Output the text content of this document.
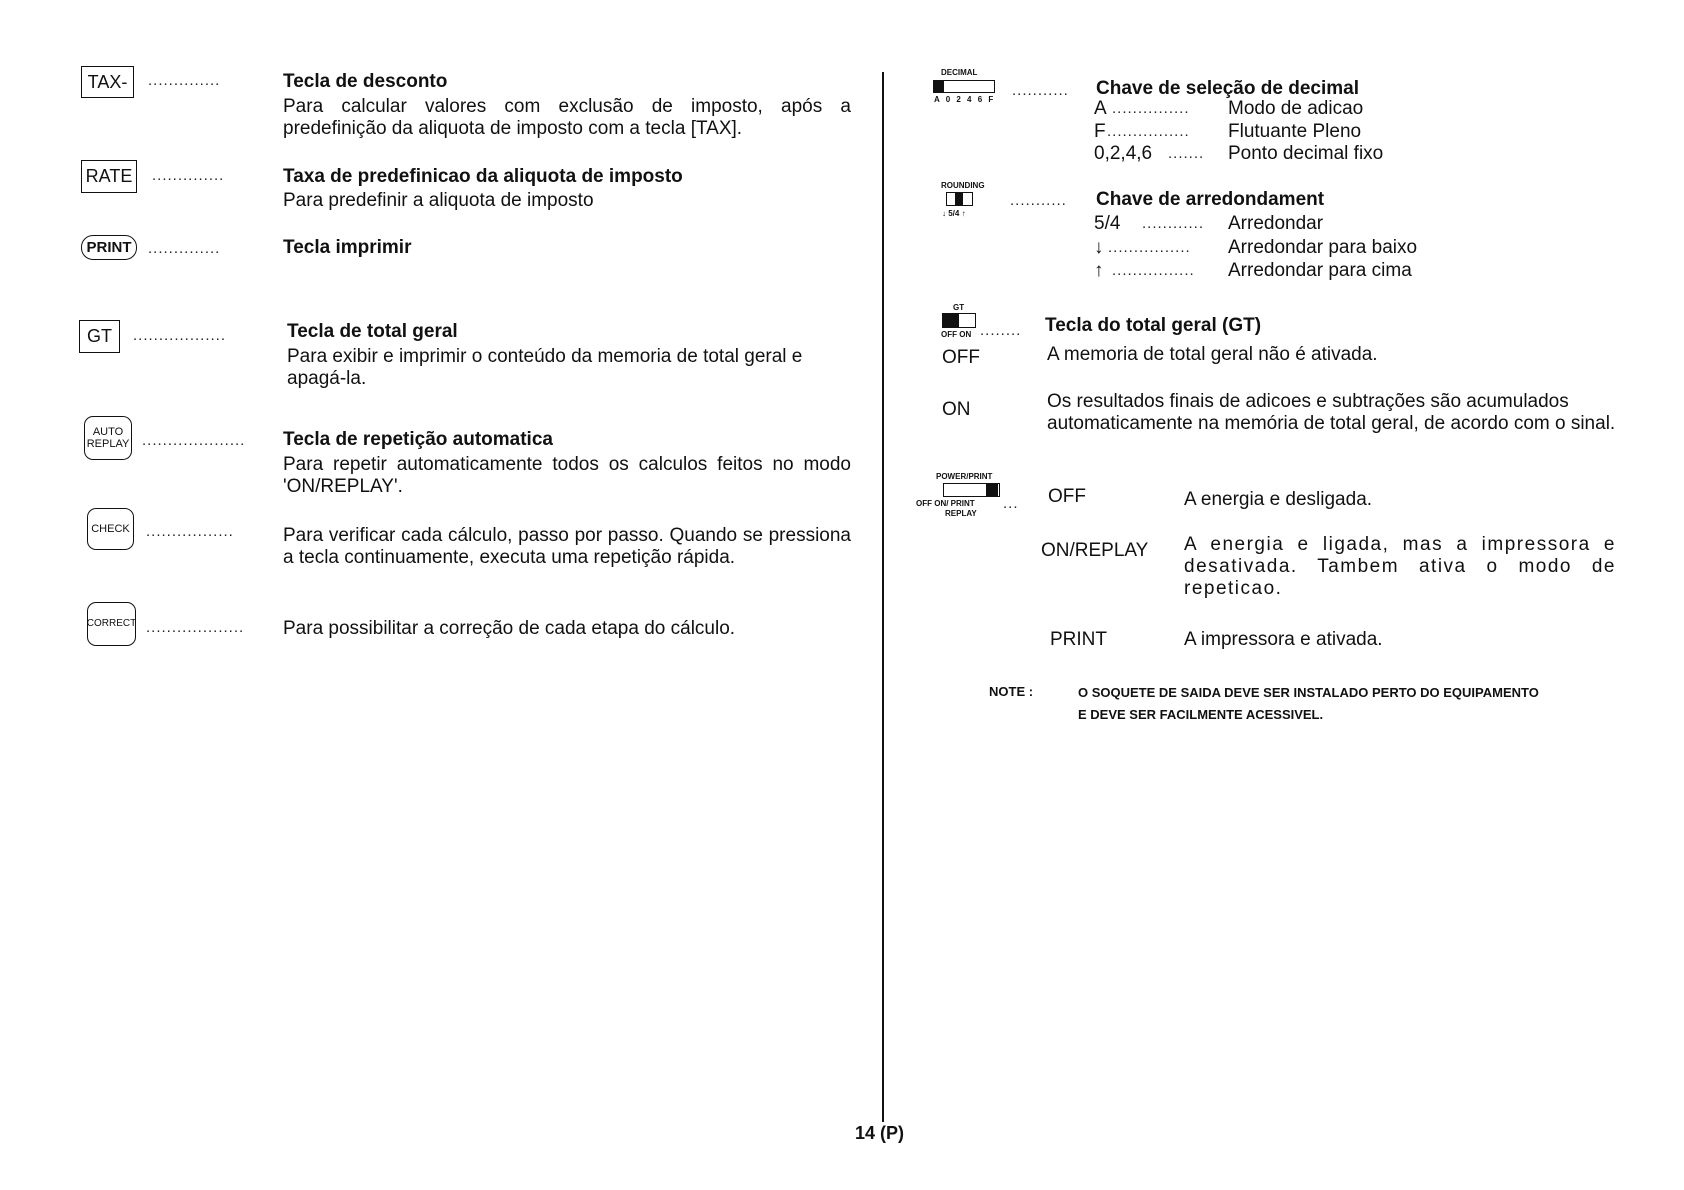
TAX- ..............	Tecla de desconto
Para calcular valores com exclusão de imposto, após a predefinição da aliquota de imposto com a tecla [TAX].
RATE ..............	Taxa de predefinicao da aliquota de imposto
Para predefinir a aliquota de imposto
PRINT ..............	Tecla imprimir
GT ..................	Tecla de total geral
Para exibir e imprimir o conteúdo da memoria de total geral e apagá-la.
AUTO
REPLAY .................... Tecla de repetição automatica
Para repetir automaticamente todos os calculos feitos no modo 'ON/REPLAY'.
CHECK .................	Para verificar cada cálculo, passo por passo. Quando se pressiona a tecla continuamente, executa uma repetição rápida.
CORRECT ................... Para possibilitar a correção de cada etapa do cálculo.
DECIMAL
A 0 2 4 6 F
........... Chave de seleção de decimal
A ............... Modo de adicao
F ................ Flutuante Pleno
0,2,4,6 ....... Ponto decimal fixo
ROUNDING
↓ 5/4 ↑
........... Chave de arredondament
5/4 ............ Arredondar
↓ ................ Arredondar para baixo
↑ ................ Arredondar para cima
GT
OFF ON ........ Tecla do total geral (GT)
OFF	A memoria de total geral não é ativada.
ON	Os resultados finais de adicoes e subtrações são acumulados automaticamente na memória de total geral, de acordo com o sinal.
POWER/PRINT
OFF ON/ PRINT
REPLAY
... OFF	A energia e desligada.
ON/REPLAY A energia e ligada, mas a impressora e desativada. Tambem ativa o modo de repeticao.
PRINT	A impressora e ativada.
NOTE :	O SOQUETE DE SAIDA DEVE SER INSTALADO PERTO DO EQUIPAMENTO
E DEVE SER FACILMENTE ACESSIVEL.
14 (P)
